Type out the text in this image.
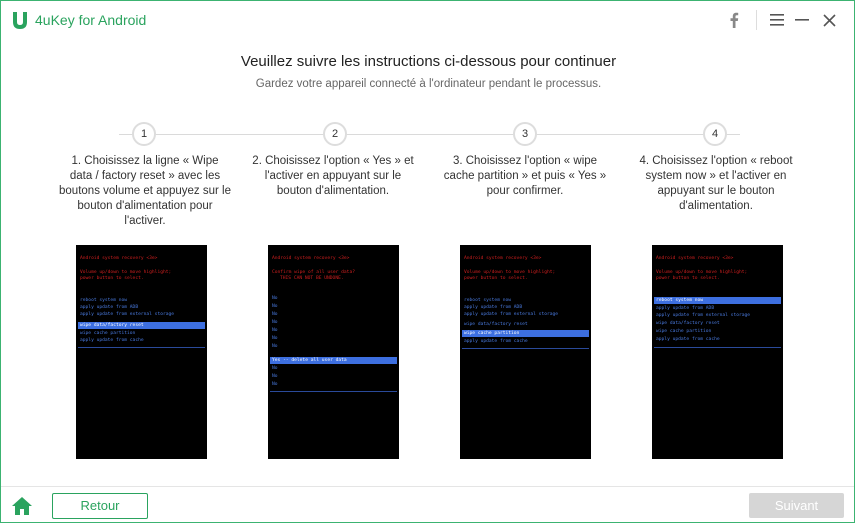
4uKey for Android
Veuillez suivre les instructions ci-dessous pour continuer
Gardez votre appareil connecté à l'ordinateur pendant le processus.
1	2	3	4
1. Choisissez la ligne « Wipe data / factory reset » avec les boutons volume et appuyez sur le bouton d'alimentation pour l'activer.
2. Choisissez l'option « Yes » et l'activer en appuyant sur le bouton d'alimentation.
3. Choisissez l'option « wipe cache partition » et puis « Yes » pour confirmer.
4. Choisissez l'option « reboot system now » et l'activer en appuyant sur le bouton d'alimentation.
Android system recovery <3e>
Volume up/down to move highlight;
power button to select.
reboot system now
apply update from ADB
apply update from external storage
wipe data/factory reset
wipe cache partition
apply update from cache
Android system recovery <3e>
Confirm wipe of all user data?
THIS CAN NOT BE UNDONE.
No
No
No
No
No
No
No
Yes -- delete all user data
No
No
No
Android system recovery <3e>
Volume up/down to move highlight;
power button to select.
reboot system now
apply update from ADB
apply update from external storage
wipe data/factory reset
wipe cache partition
apply update from cache
Android system recovery <3e>
Volume up/down to move highlight;
power button to select.
reboot system now
apply update from ADB
apply update from external storage
wipe data/factory reset
wipe cache partition
apply update from cache
Retour	Suivant
